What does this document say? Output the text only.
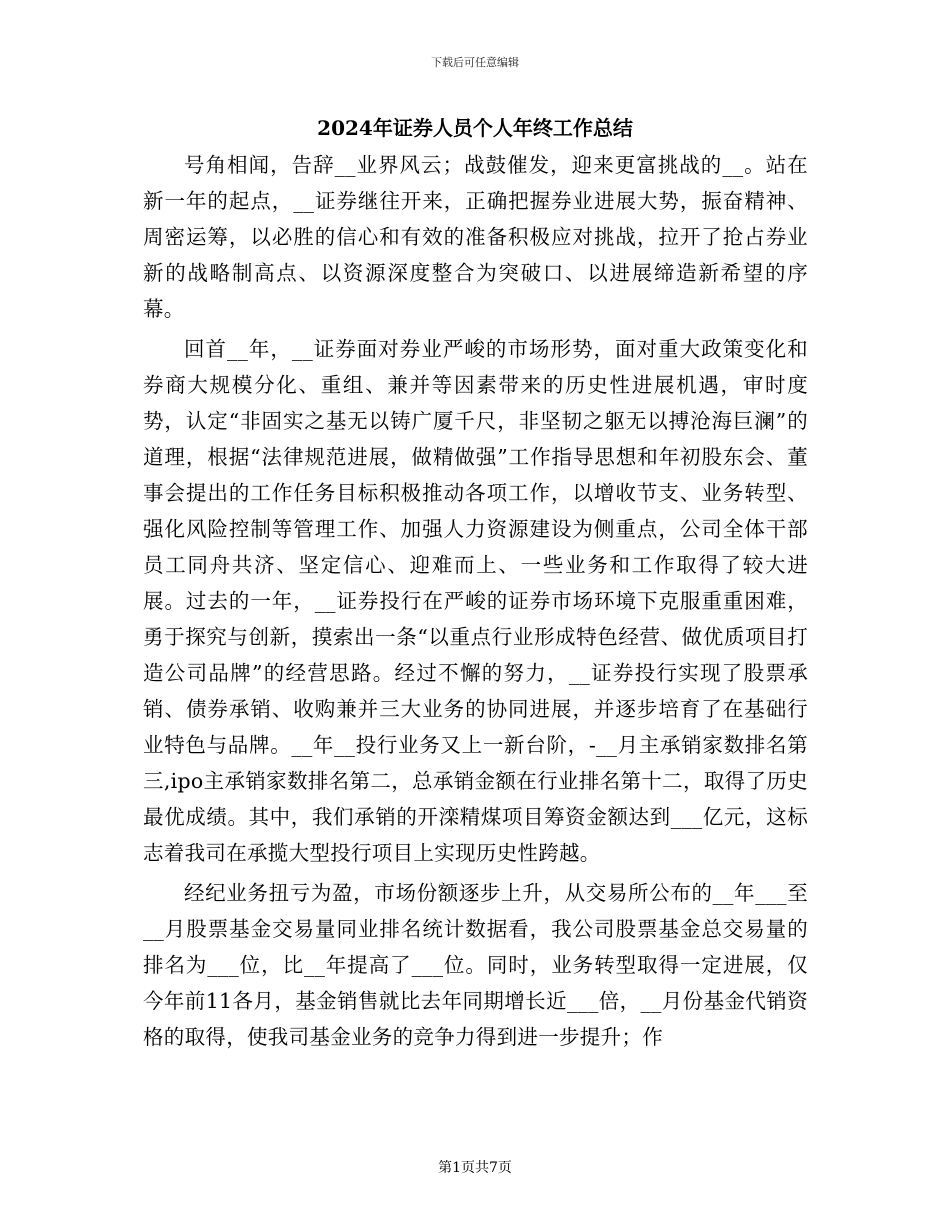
下载后可任意编辑

2024年证券人员个人年终工作总结

号角相闻，告辞__业界风云；战鼓催发，迎来更富挑战的__。站在新一年的起点，__证券继往开来，正确把握券业进展大势，振奋精神、周密运筹，以必胜的信心和有效的准备积极应对挑战，拉开了抢占券业新的战略制高点、以资源深度整合为突破口、以进展缔造新希望的序幕。

回首__年，__证券面对券业严峻的市场形势，面对重大政策变化和券商大规模分化、重组、兼并等因素带来的历史性进展机遇，审时度势，认定“非固实之基无以铸广厦千尺，非坚韧之躯无以搏沧海巨澜”的道理，根据“法律规范进展，做精做强”工作指导思想和年初股东会、董事会提出的工作任务目标积极推动各项工作，以增收节支、业务转型、强化风险控制等管理工作、加强人力资源建设为侧重点，公司全体干部员工同舟共济、坚定信心、迎难而上、一些业务和工作取得了较大进展。过去的一年，__证券投行在严峻的证券市场环境下克服重重困难，勇于探究与创新，摸索出一条“以重点行业形成特色经营、做优质项目打造公司品牌”的经营思路。经过不懈的努力，__证券投行实现了股票承销、债券承销、收购兼并三大业务的协同进展，并逐步培育了在基础行业特色与品牌。__年__投行业务又上一新台阶，-__月主承销家数排名第三,ipo主承销家数排名第二，总承销金额在行业排名第十二，取得了历史最优成绩。其中，我们承销的开滦精煤项目筹资金额达到___亿元，这标志着我司在承揽大型投行项目上实现历史性跨越。

经纪业务扭亏为盈，市场份额逐步上升，从交易所公布的__年___至__月股票基金交易量同业排名统计数据看，我公司股票基金总交易量的排名为___位，比__年提高了___位。同时，业务转型取得一定进展，仅今年前11各月，基金销售就比去年同期增长近___倍，__月份基金代销资格的取得，使我司基金业务的竞争力得到进一步提升；作

第1页共7页
